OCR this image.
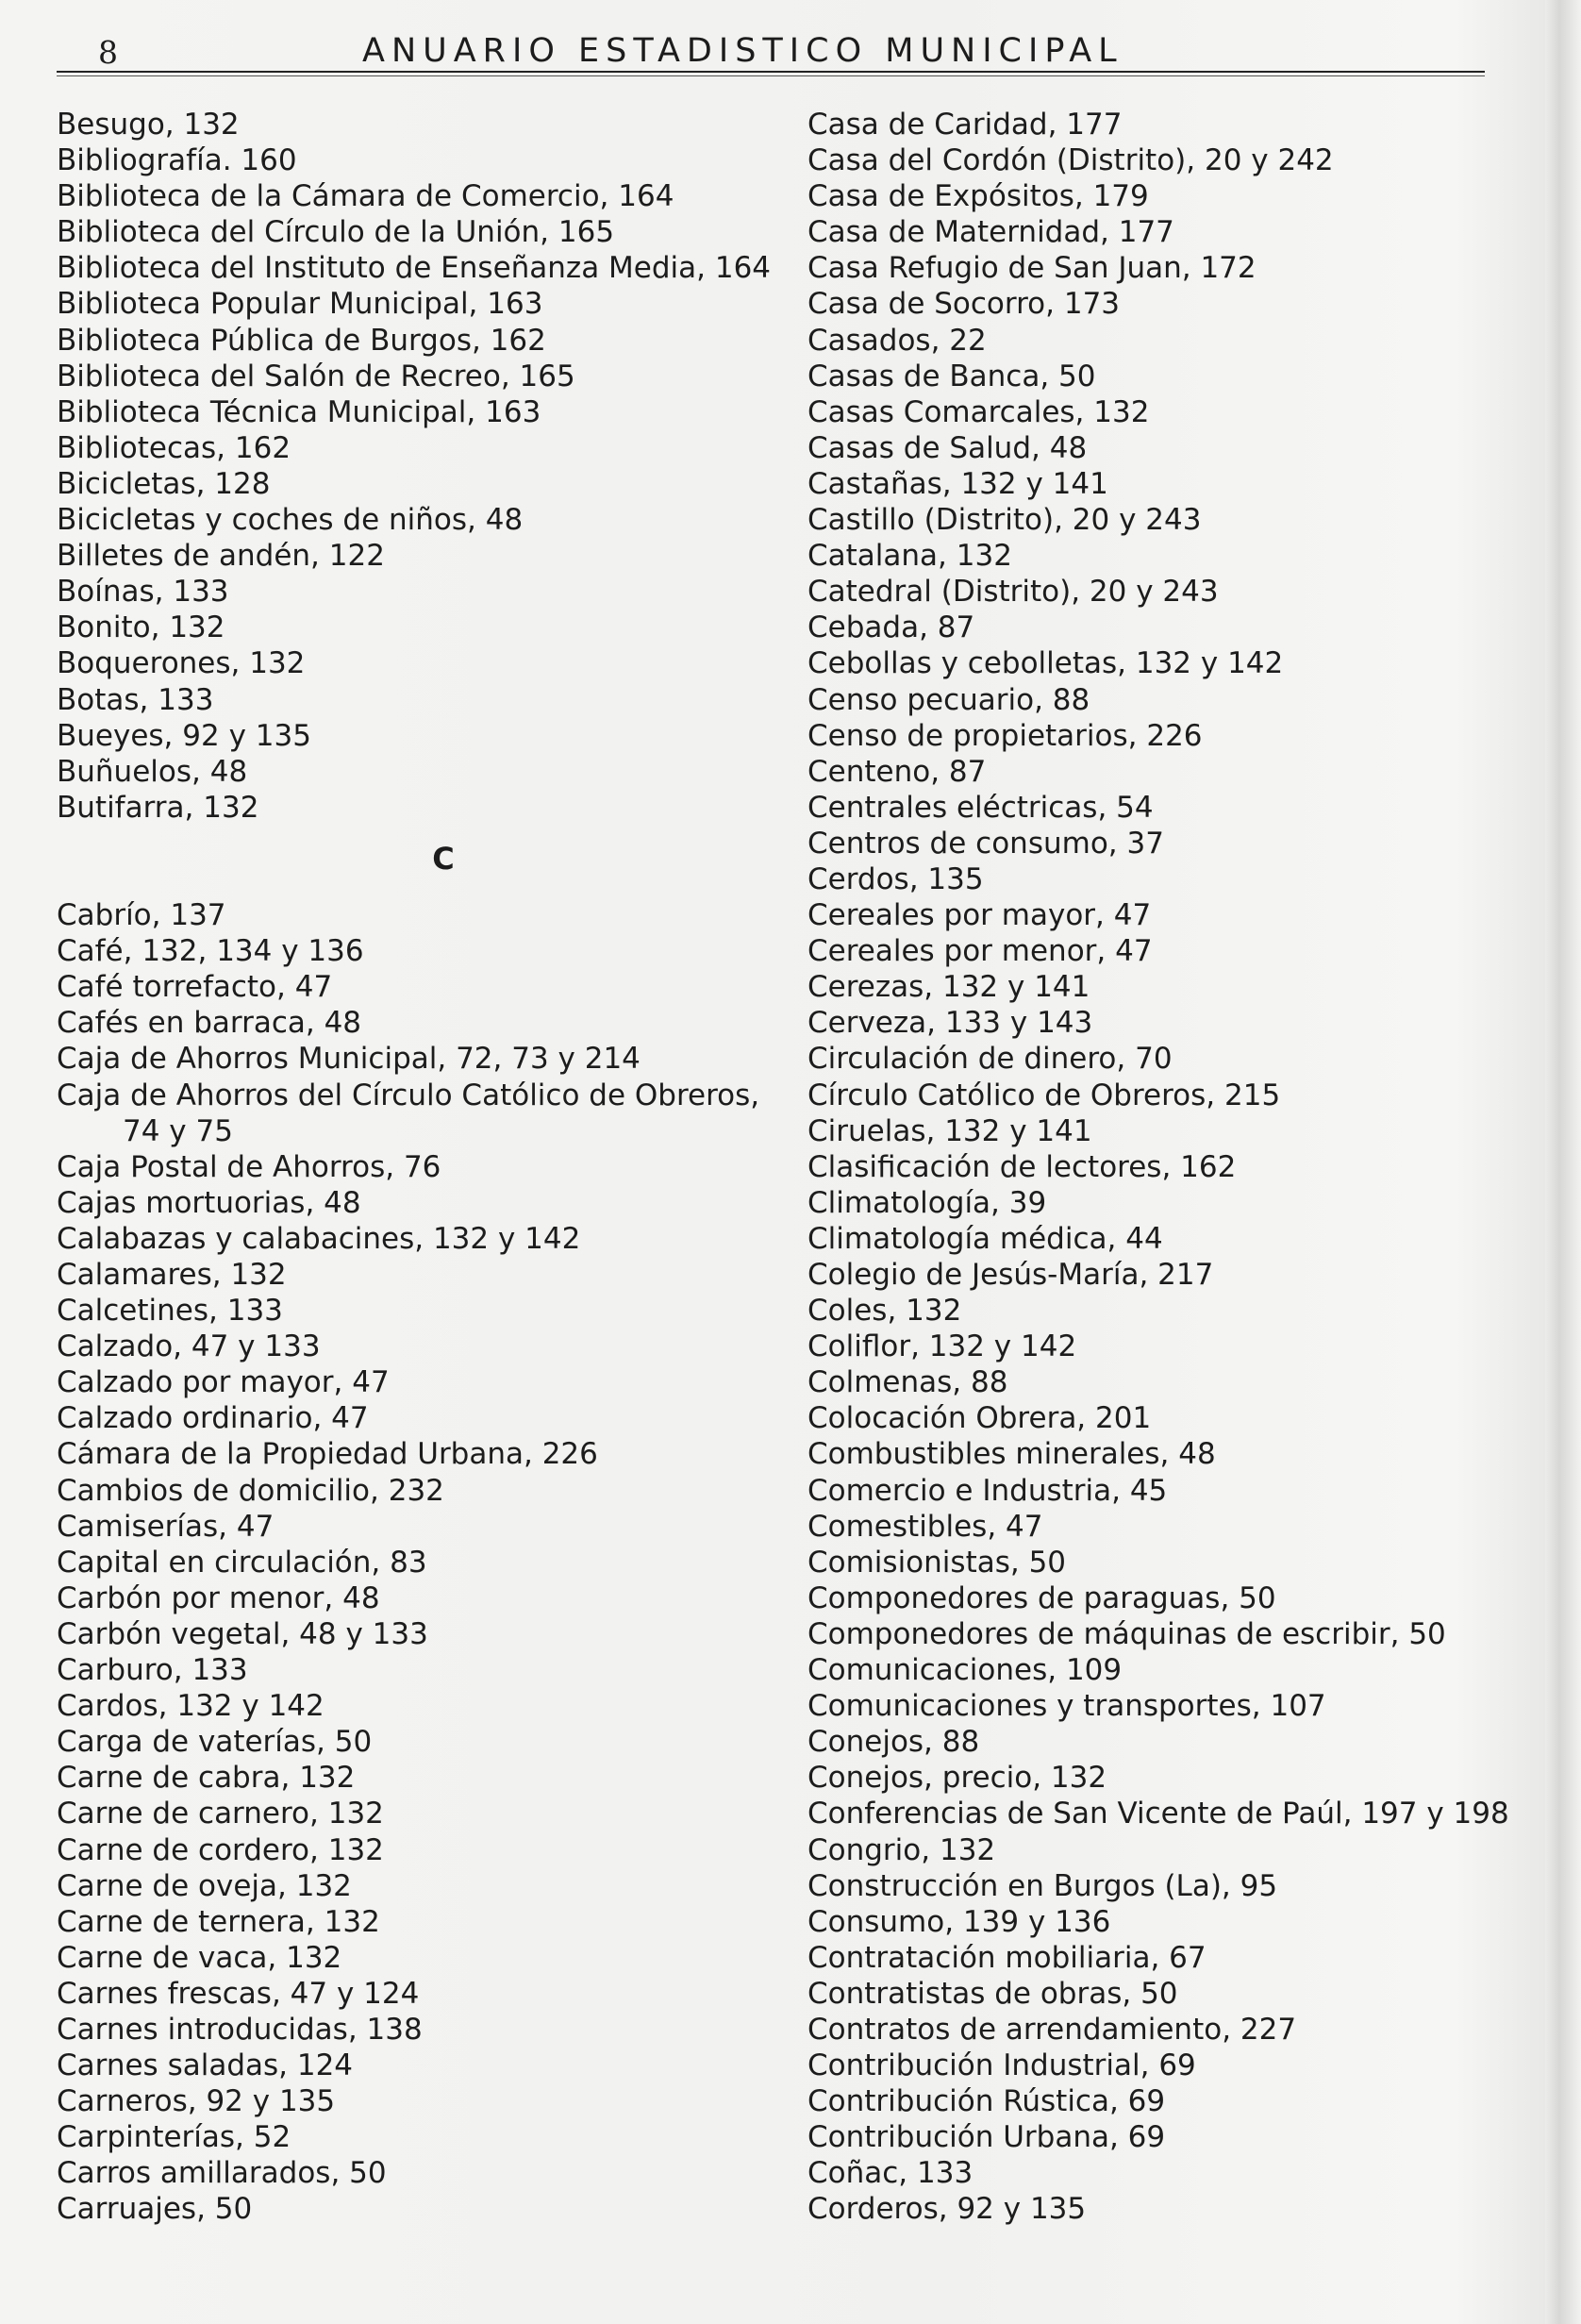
8	ANUARIO ESTADISTICO MUNICIPAL
Besugo, 132
Bibliografía. 160
Biblioteca de la Cámara de Comercio, 164
Biblioteca del Círculo de la Unión, 165
Biblioteca del Instituto de Enseñanza Media, 164
Biblioteca Popular Municipal, 163
Biblioteca Pública de Burgos, 162
Biblioteca del Salón de Recreo, 165
Biblioteca Técnica Municipal, 163
Bibliotecas, 162
Bicicletas, 128
Bicicletas y coches de niños, 48
Billetes de andén, 122
Boínas, 133
Bonito, 132
Boquerones, 132
Botas, 133
Bueyes, 92 y 135
Buñuelos, 48
Butifarra, 132
C
Cabrío, 137
Café, 132, 134 y 136
Café torrefacto, 47
Cafés en barraca, 48
Caja de Ahorros Municipal, 72, 73 y 214
Caja de Ahorros del Círculo Católico de Obreros,
74 y 75
Caja Postal de Ahorros, 76
Cajas mortuorias, 48
Calabazas y calabacines, 132 y 142
Calamares, 132
Calcetines, 133
Calzado, 47 y 133
Calzado por mayor, 47
Calzado ordinario, 47
Cámara de la Propiedad Urbana, 226
Cambios de domicilio, 232
Camiserías, 47
Capital en circulación, 83
Carbón por menor, 48
Carbón vegetal, 48 y 133
Carburo, 133
Cardos, 132 y 142
Carga de vaterías, 50
Carne de cabra, 132
Carne de carnero, 132
Carne de cordero, 132
Carne de oveja, 132
Carne de ternera, 132
Carne de vaca, 132
Carnes frescas, 47 y 124
Carnes introducidas, 138
Carnes saladas, 124
Carneros, 92 y 135
Carpinterías, 52
Carros amillarados, 50
Carruajes, 50
Casa de Caridad, 177
Casa del Cordón (Distrito), 20 y 242
Casa de Expósitos, 179
Casa de Maternidad, 177
Casa Refugio de San Juan, 172
Casa de Socorro, 173
Casados, 22
Casas de Banca, 50
Casas Comarcales, 132
Casas de Salud, 48
Castañas, 132 y 141
Castillo (Distrito), 20 y 243
Catalana, 132
Catedral (Distrito), 20 y 243
Cebada, 87
Cebollas y cebolletas, 132 y 142
Censo pecuario, 88
Censo de propietarios, 226
Centeno, 87
Centrales eléctricas, 54
Centros de consumo, 37
Cerdos, 135
Cereales por mayor, 47
Cereales por menor, 47
Cerezas, 132 y 141
Cerveza, 133 y 143
Circulación de dinero, 70
Círculo Católico de Obreros, 215
Ciruelas, 132 y 141
Clasificación de lectores, 162
Climatología, 39
Climatología médica, 44
Colegio de Jesús-María, 217
Coles, 132
Coliflor, 132 y 142
Colmenas, 88
Colocación Obrera, 201
Combustibles minerales, 48
Comercio e Industria, 45
Comestibles, 47
Comisionistas, 50
Componedores de paraguas, 50
Componedores de máquinas de escribir, 50
Comunicaciones, 109
Comunicaciones y transportes, 107
Conejos, 88
Conejos, precio, 132
Conferencias de San Vicente de Paúl, 197 y 198
Congrio, 132
Construcción en Burgos (La), 95
Consumo, 139 y 136
Contratación mobiliaria, 67
Contratistas de obras, 50
Contratos de arrendamiento, 227
Contribución Industrial, 69
Contribución Rústica, 69
Contribución Urbana, 69
Coñac, 133
Corderos, 92 y 135
